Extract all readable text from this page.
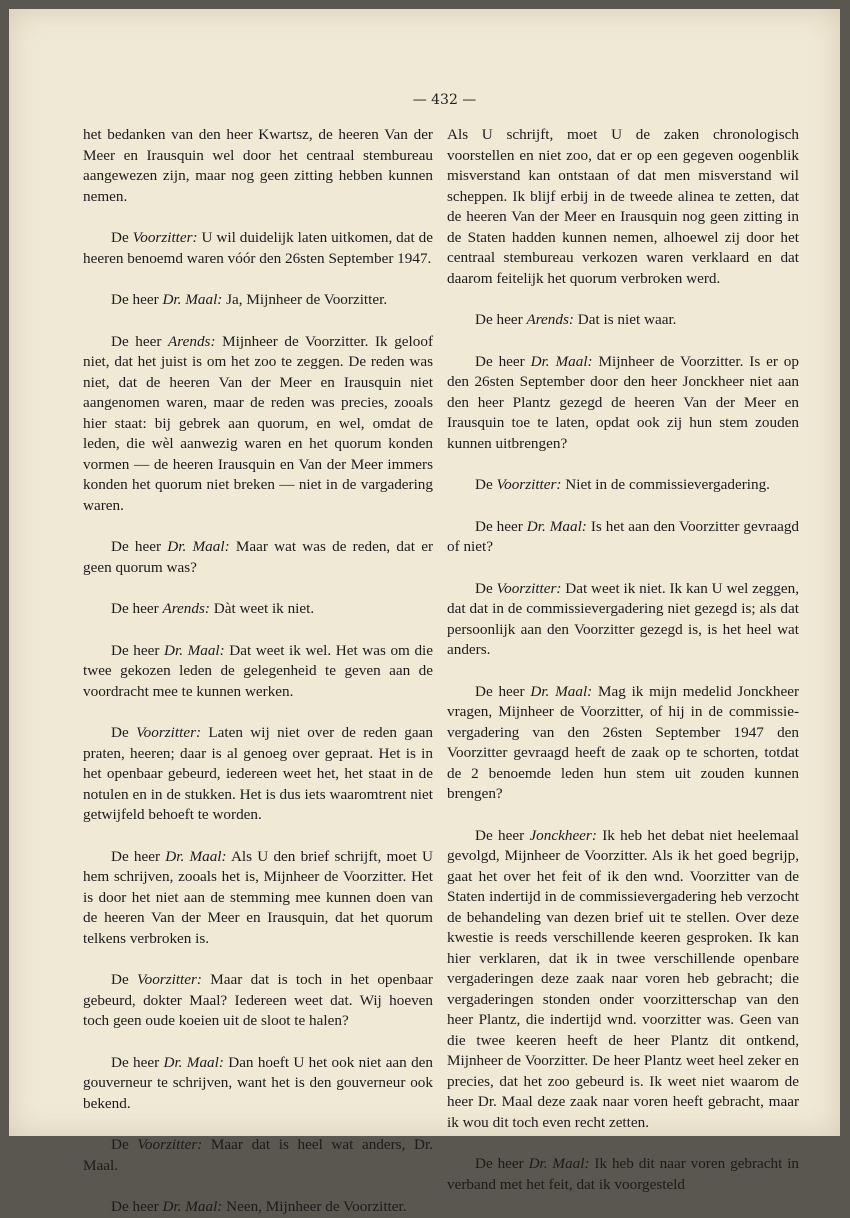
— 432 —

het bedanken van den heer Kwartsz, de heeren Van der Meer en Irausquin wel door het centraal stembureau aangewezen zijn, maar nog geen zitting hebben kunnen nemen.

De Voorzitter: U wil duidelijk laten uitkomen, dat de heeren benoemd waren vóór den 26sten September 1947.

De heer Dr. Maal: Ja, Mijnheer de Voorzitter.

De heer Arends: Mijnheer de Voorzitter. Ik geloof niet, dat het juist is om het zoo te zeggen. De reden was niet, dat de heeren Van der Meer en Irausquin niet aangenomen waren, maar de reden was precies, zooals hier staat: bij gebrek aan quorum, en wel, omdat de leden, die wèl aanwezig waren en het quorum konden vormen — de heeren Irausquin en Van der Meer immers konden het quorum niet breken — niet in de vargadering waren.

De heer Dr. Maal: Maar wat was de reden, dat er geen quorum was?

De heer Arends: Dàt weet ik niet.

De heer Dr. Maal: Dat weet ik wel. Het was om die twee gekozen leden de gelegenheid te geven aan de voordracht mee te kunnen werken.

De Voorzitter: Laten wij niet over de reden gaan praten, heeren; daar is al genoeg over gepraat. Het is in het openbaar gebeurd, iedereen weet het, het staat in de notulen en in de stukken. Het is dus iets waaromtrent niet getwijfeld behoeft te worden.

De heer Dr. Maal: Als U den brief schrijft, moet U hem schrijven, zooals het is, Mijnheer de Voorzitter. Het is door het niet aan de stemming mee kunnen doen van de heeren Van der Meer en Irausquin, dat het quorum telkens verbroken is.

De Voorzitter: Maar dat is toch in het openbaar gebeurd, dokter Maal? Iedereen weet dat. Wij hoeven toch geen oude koeien uit de sloot te halen?

De heer Dr. Maal: Dan hoeft U het ook niet aan den gouverneur te schrijven, want het is den gouverneur ook bekend.

De Voorzitter: Maar dat is heel wat anders, Dr. Maal.

De heer Dr. Maal: Neen, Mijnheer de Voorzitter.

Als U schrijft, moet U de zaken chronologisch voorstellen en niet zoo, dat er op een gegeven oogenblik misverstand kan ontstaan of dat men misverstand wil scheppen. Ik blijf erbij in de tweede alinea te zetten, dat de heeren Van der Meer en Irausquin nog geen zitting in de Staten hadden kunnen nemen, alhoewel zij door het centraal stembureau verkozen waren verklaard en dat daarom feitelijk het quorum verbroken werd.

De heer Arends: Dat is niet waar.

De heer Dr. Maal: Mijnheer de Voorzitter. Is er op den 26sten September door den heer Jonckheer niet aan den heer Plantz gezegd de heeren Van der Meer en Irausquin toe te laten, opdat ook zij hun stem zouden kunnen uitbrengen?

De Voorzitter: Niet in de commissievergadering.

De heer Dr. Maal: Is het aan den Voorzitter gevraagd of niet?

De Voorzitter: Dat weet ik niet. Ik kan U wel zeggen, dat dat in de commissievergadering niet gezegd is; als dat persoonlijk aan den Voorzitter gezegd is, is het heel wat anders.

De heer Dr. Maal: Mag ik mijn medelid Jonckheer vragen, Mijnheer de Voorzitter, of hij in de commissie-vergadering van den 26sten September 1947 den Voorzitter gevraagd heeft de zaak op te schorten, totdat de 2 benoemde leden hun stem uit zouden kunnen brengen?

De heer Jonckheer: Ik heb het debat niet heelemaal gevolgd, Mijnheer de Voorzitter. Als ik het goed begrijp, gaat het over het feit of ik den wnd. Voorzitter van de Staten indertijd in de commissievergadering heb verzocht de behandeling van dezen brief uit te stellen. Over deze kwestie is reeds verschillende keeren gesproken. Ik kan hier verklaren, dat ik in twee verschillende openbare vergaderingen deze zaak naar voren heb gebracht; die vergaderingen stonden onder voorzitterschap van den heer Plantz, die indertijd wnd. voorzitter was. Geen van die twee keeren heeft de heer Plantz dit ontkend, Mijnheer de Voorzitter. De heer Plantz weet heel zeker en precies, dat het zoo gebeurd is. Ik weet niet waarom de heer Dr. Maal deze zaak naar voren heeft gebracht, maar ik wou dit toch even recht zetten.

De heer Dr. Maal: Ik heb dit naar voren gebracht in verband met het feit, dat ik voorgesteld
